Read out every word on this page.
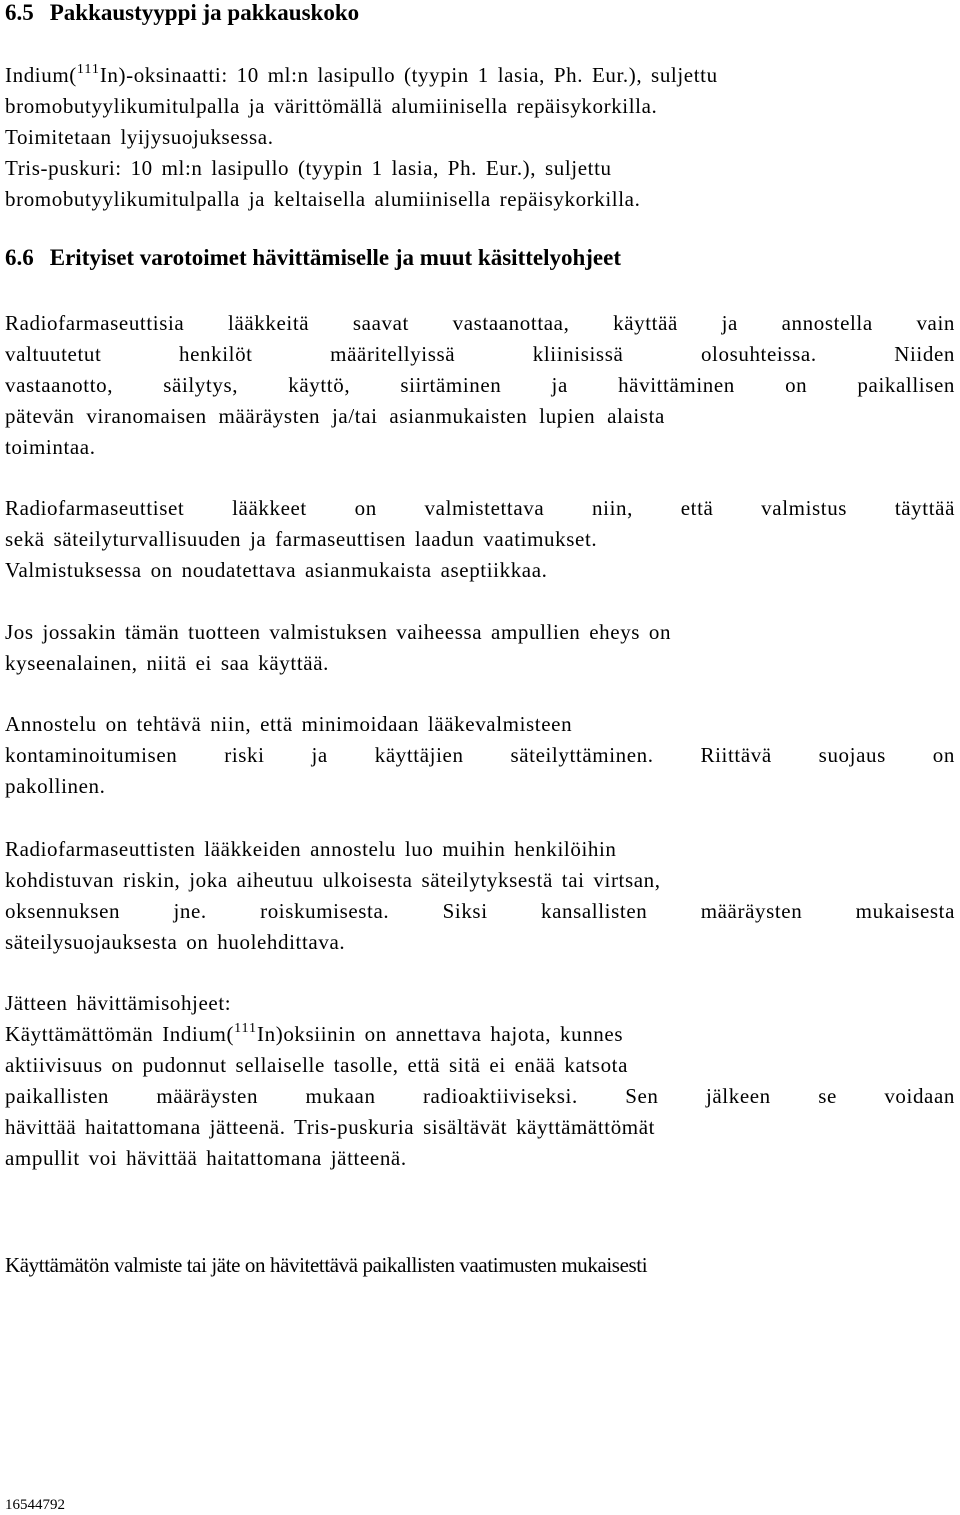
6.5 Pakkaustyyppi ja pakkauskoko
Indium($^{111}$In)-oksinaatti: 10 ml:n lasipullo (tyypin 1 lasia, Ph. Eur.), suljettu
bromobutyylikumitulpalla ja värittömällä alumiinisella repäisykorkilla.
Toimitetaan lyijysuojuksessa.
Tris-puskuri: 10 ml:n lasipullo (tyypin 1 lasia, Ph. Eur.), suljettu
bromobutyylikumitulpalla ja keltaisella alumiinisella repäisykorkilla.
6.6 Erityiset varotoimet hävittämiselle ja muut käsittelyohjeet
Radiofarmaseuttisia lääkkeitä saavat vastaanottaa, käyttää ja annostella vain
valtuutetut henkilöt määritellyissä kliinisissä olosuhteissa. Niiden
vastaanotto, säilytys, käyttö, siirtäminen ja hävittäminen on paikallisen
pätevän viranomaisen määräysten ja/tai asianmukaisten lupien alaista
toimintaa.
Radiofarmaseuttiset lääkkeet on valmistettava niin, että valmistus täyttää
sekä säteilyturvallisuuden ja farmaseuttisen laadun vaatimukset.
Valmistuksessa on noudatettava asianmukaista aseptiikkaa.
Jos jossakin tämän tuotteen valmistuksen vaiheessa ampullien eheys on
kyseenalainen, niitä ei saa käyttää.
Annostelu on tehtävä niin, että minimoidaan lääkevalmisteen
kontaminoitumisen riski ja käyttäjien säteilyttäminen. Riittävä suojaus on
pakollinen.
Radiofarmaseuttisten lääkkeiden annostelu luo muihin henkilöihin
kohdistuvan riskin, joka aiheutuu ulkoisesta säteilytyksestä tai virtsan,
oksennuksen jne. roiskumisesta. Siksi kansallisten määräysten mukaisesta
säteilysuojauksesta on huolehdittava.
Jätteen hävittämisohjeet:
Käyttämättömän Indium($^{111}$In)oksiinin on annettava hajota, kunnes
aktiivisuus on pudonnut sellaiselle tasolle, että sitä ei enää katsota
paikallisten määräysten mukaan radioaktiiviseksi. Sen jälkeen se voidaan
hävittää haitattomana jätteenä. Tris-puskuria sisältävät käyttämättömät
ampullit voi hävittää haitattomana jätteenä.
Käyttämätön valmiste tai jäte on hävitettävä paikallisten vaatimusten mukaisesti
16544792
